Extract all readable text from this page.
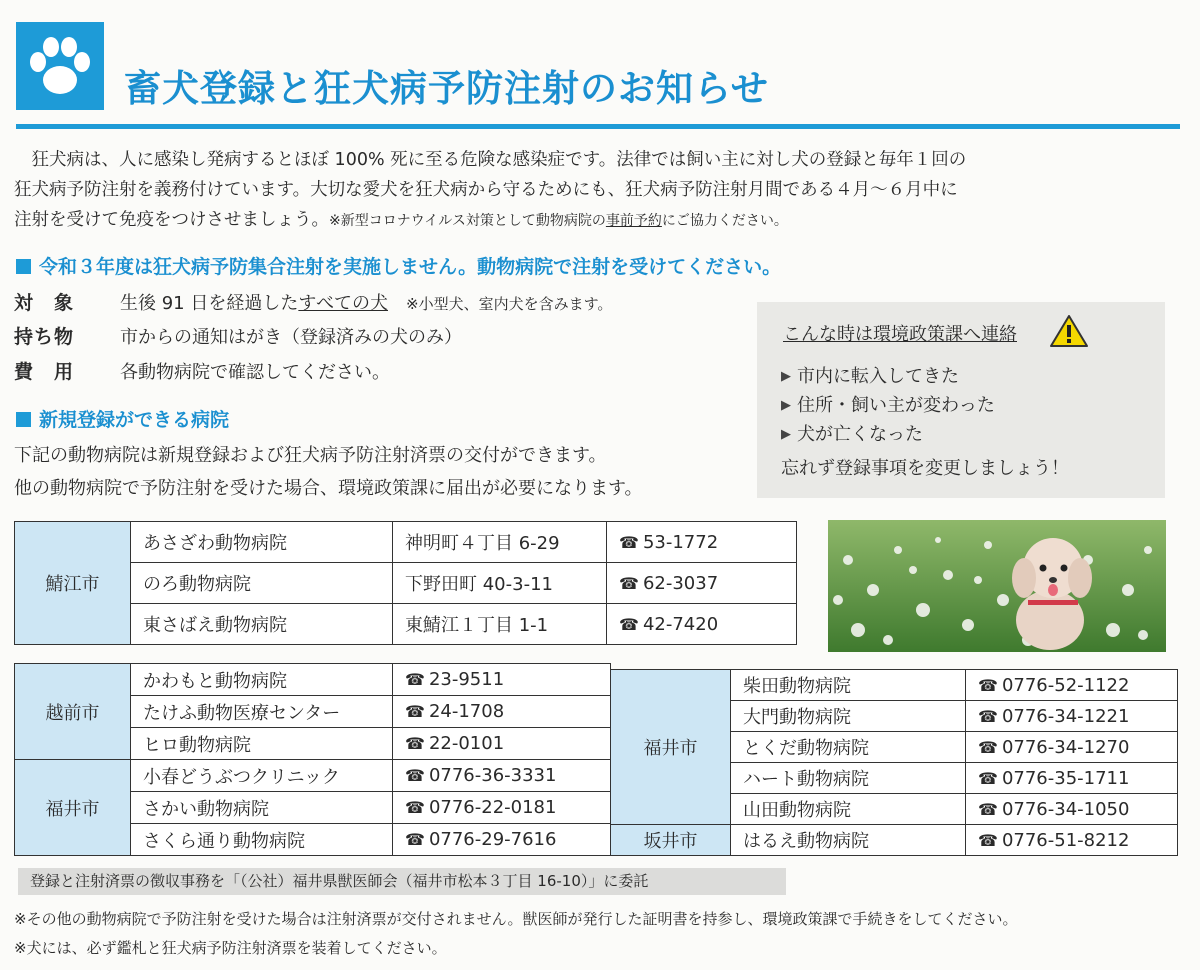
畜犬登録と狂犬病予防注射のお知らせ
　狂犬病は、人に感染し発病するとほぼ 100% 死に至る危険な感染症です。法律では飼い主に対し犬の登録と毎年１回の
狂犬病予防注射を義務付けています。大切な愛犬を狂犬病から守るためにも、狂犬病予防注射月間である４月～６月中に
注射を受けて免疫をつけさせましょう。※新型コロナウイルス対策として動物病院の事前予約にご協力ください。
令和３年度は狂犬病予防集合注射を実施しません。動物病院で注射を受けてください。
対　象	生後 91 日を経過したすべての犬 ※小型犬、室内犬を含みます。
持ち物	市からの通知はがき（登録済みの犬のみ）
費　用	各動物病院で確認してください。
新規登録ができる病院
下記の動物病院は新規登録および狂犬病予防注射済票の交付ができます。
他の動物病院で予防注射を受けた場合、環境政策課に届出が必要になります。
こんな時は環境政策課へ連絡
▶ 市内に転入してきた
▶ 住所・飼い主が変わった
▶ 犬が亡くなった
忘れず登録事項を変更しましょう！
鯖江市	あさざわ動物病院	神明町４丁目 6-29	☎ 53-1772
	のろ動物病院	下野田町 40-3-11	☎ 62-3037
	東さばえ動物病院	東鯖江１丁目 1-1	☎ 42-7420
越前市	かわもと動物病院	☎ 23-9511
	たけふ動物医療センター	☎ 24-1708
	ヒロ動物病院	☎ 22-0101
福井市	小春どうぶつクリニック	☎ 0776-36-3331
	さかい動物病院	☎ 0776-22-0181
	さくら通り動物病院	☎ 0776-29-7616
福井市	柴田動物病院	☎ 0776-52-1122
	大門動物病院	☎ 0776-34-1221
	とくだ動物病院	☎ 0776-34-1270
	ハート動物病院	☎ 0776-35-1711
	山田動物病院	☎ 0776-34-1050
坂井市	はるえ動物病院	☎ 0776-51-8212
登録と注射済票の徴収事務を「（公社）福井県獣医師会（福井市松本３丁目 16-10）」に委託
※その他の動物病院で予防注射を受けた場合は注射済票が交付されません。獣医師が発行した証明書を持参し、環境政策課で手続きをしてください。
※犬には、必ず鑑札と狂犬病予防注射済票を装着してください。
